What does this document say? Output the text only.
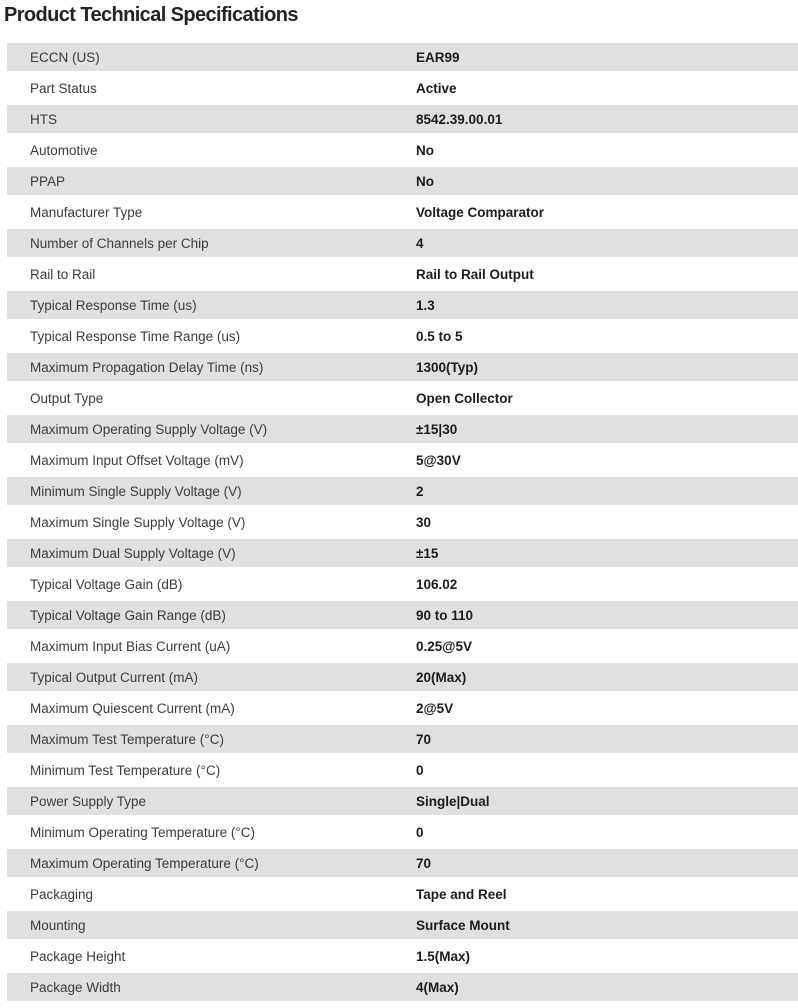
Product Technical Specifications
ECCN (US)	EAR99
Part Status	Active
HTS	8542.39.00.01
Automotive	No
PPAP	No
Manufacturer Type	Voltage Comparator
Number of Channels per Chip	4
Rail to Rail	Rail to Rail Output
Typical Response Time (us)	1.3
Typical Response Time Range (us)	0.5 to 5
Maximum Propagation Delay Time (ns)	1300(Typ)
Output Type	Open Collector
Maximum Operating Supply Voltage (V)	±15|30
Maximum Input Offset Voltage (mV)	5@30V
Minimum Single Supply Voltage (V)	2
Maximum Single Supply Voltage (V)	30
Maximum Dual Supply Voltage (V)	±15
Typical Voltage Gain (dB)	106.02
Typical Voltage Gain Range (dB)	90 to 110
Maximum Input Bias Current (uA)	0.25@5V
Typical Output Current (mA)	20(Max)
Maximum Quiescent Current (mA)	2@5V
Maximum Test Temperature (°C)	70
Minimum Test Temperature (°C)	0
Power Supply Type	Single|Dual
Minimum Operating Temperature (°C)	0
Maximum Operating Temperature (°C)	70
Packaging	Tape and Reel
Mounting	Surface Mount
Package Height	1.5(Max)
Package Width	4(Max)
